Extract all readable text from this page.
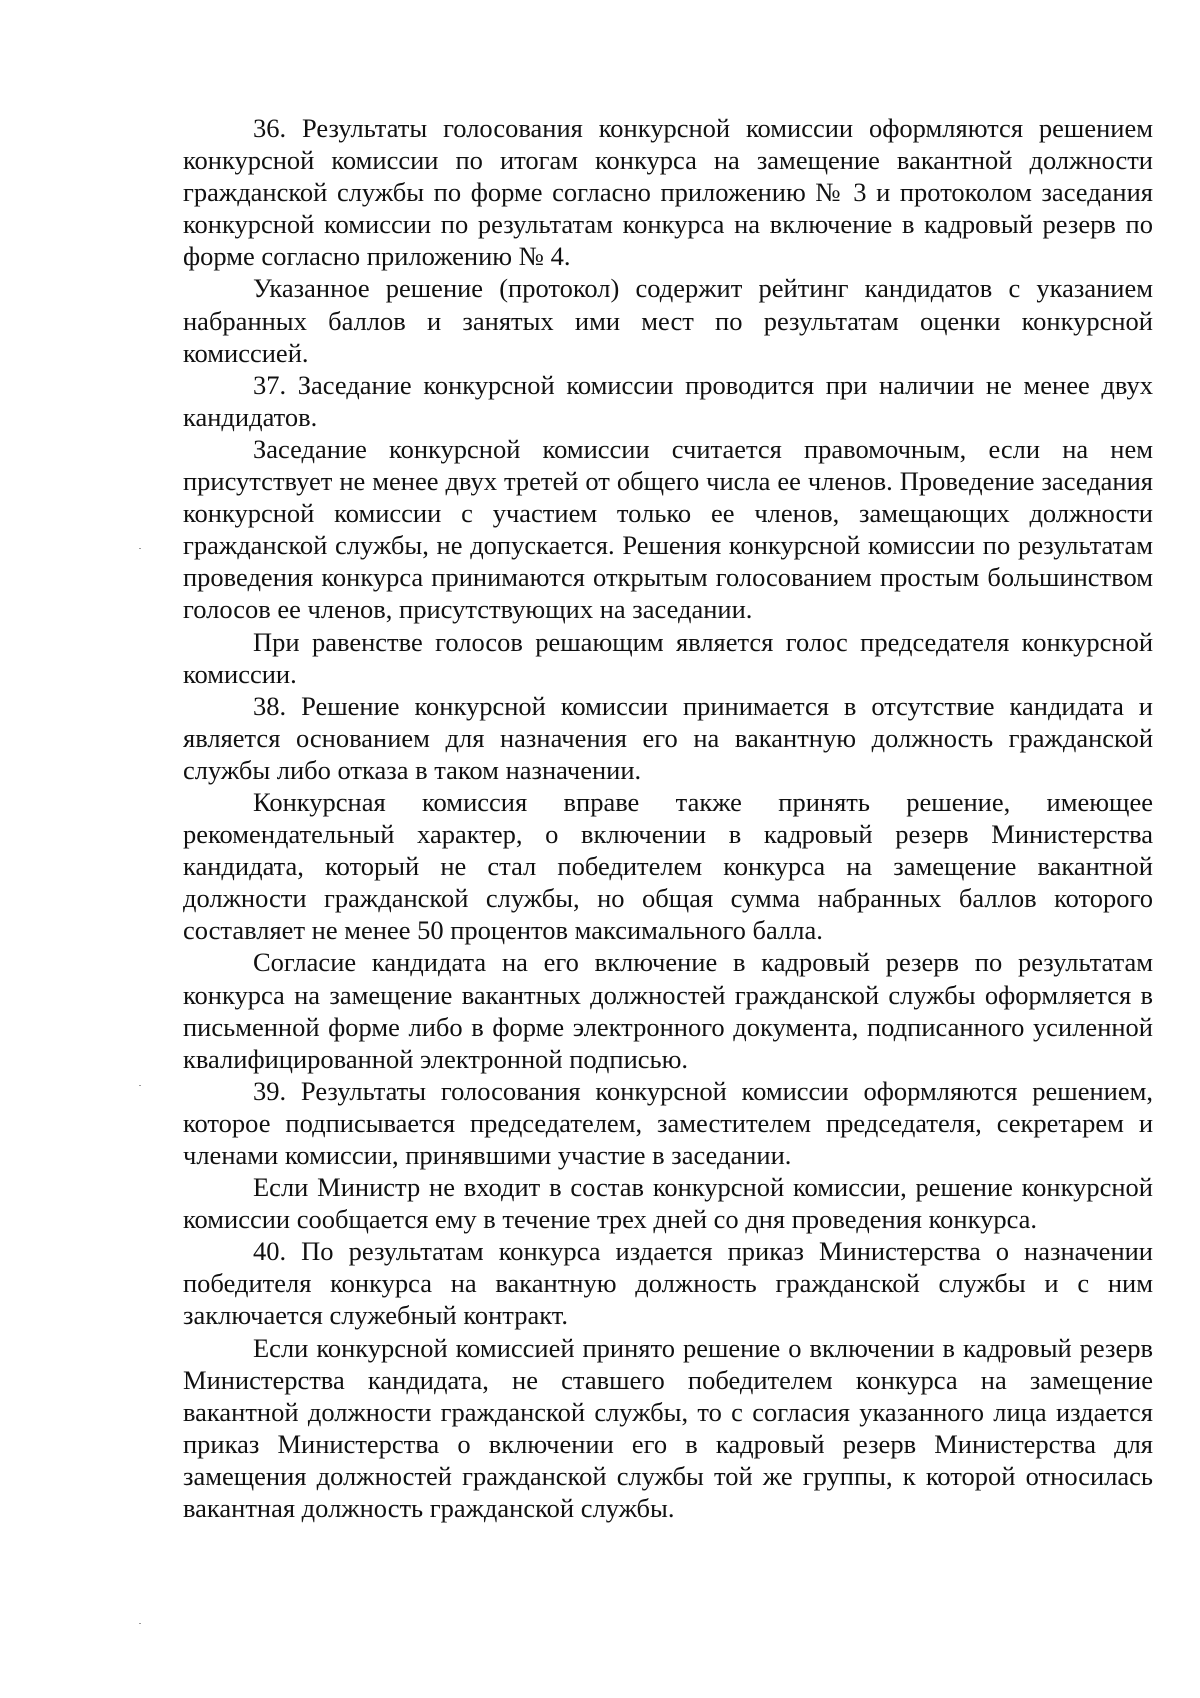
36. Результаты голосования конкурсной комиссии оформляются решением конкурсной комиссии по итогам конкурса на замещение вакантной должности гражданской службы по форме согласно приложению № 3 и протоколом заседания конкурсной комиссии по результатам конкурса на включение в кадровый резерв по форме согласно приложению № 4.

Указанное решение (протокол) содержит рейтинг кандидатов с указанием набранных баллов и занятых ими мест по результатам оценки конкурсной комиссией.

37. Заседание конкурсной комиссии проводится при наличии не менее двух кандидатов.

Заседание конкурсной комиссии считается правомочным, если на нем присутствует не менее двух третей от общего числа ее членов. Проведение заседания конкурсной комиссии с участием только ее членов, замещающих должности гражданской службы, не допускается. Решения конкурсной комиссии по результатам проведения конкурса принимаются открытым голосованием простым большинством голосов ее членов, присутствующих на заседании.

При равенстве голосов решающим является голос председателя конкурсной комиссии.

38. Решение конкурсной комиссии принимается в отсутствие кандидата и является основанием для назначения его на вакантную должность гражданской службы либо отказа в таком назначении.

Конкурсная комиссия вправе также принять решение, имеющее рекомендательный характер, о включении в кадровый резерв Министерства кандидата, который не стал победителем конкурса на замещение вакантной должности гражданской службы, но общая сумма набранных баллов которого составляет не менее 50 процентов максимального балла.

Согласие кандидата на его включение в кадровый резерв по результатам конкурса на замещение вакантных должностей гражданской службы оформляется в письменной форме либо в форме электронного документа, подписанного усиленной квалифицированной электронной подписью.

39. Результаты голосования конкурсной комиссии оформляются решением, которое подписывается председателем, заместителем председателя, секретарем и членами комиссии, принявшими участие в заседании.

Если Министр не входит в состав конкурсной комиссии, решение конкурсной комиссии сообщается ему в течение трех дней со дня проведения конкурса.

40. По результатам конкурса издается приказ Министерства о назначении победителя конкурса на вакантную должность гражданской службы и с ним заключается служебный контракт.

Если конкурсной комиссией принято решение о включении в кадровый резерв Министерства кандидата, не ставшего победителем конкурса на замещение вакантной должности гражданской службы, то с согласия указанного лица издается приказ Министерства о включении его в кадровый резерв Министерства для замещения должностей гражданской службы той же группы, к которой относилась вакантная должность гражданской службы.
